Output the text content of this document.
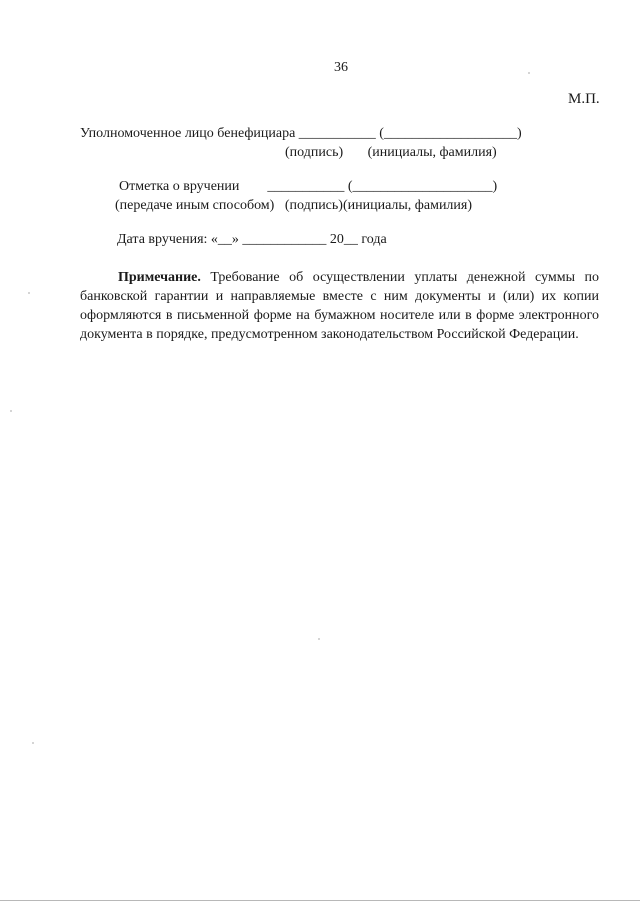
36
М.П.
Уполномоченное лицо бенефициара ___________ (___________________)
(подпись)       (инициалы, фамилия)
Отметка о вручении        ___________ (____________________)
(передаче иным способом)   (подпись)(инициалы, фамилия)
Дата вручения: «__» ____________ 20__ года
Примечание. Требование об осуществлении уплаты денежной суммы по банковской гарантии и направляемые вместе с ним документы и (или) их копии оформляются в письменной форме на бумажном носителе или в форме электронного документа в порядке, предусмотренном законодательством Российской Федерации.
